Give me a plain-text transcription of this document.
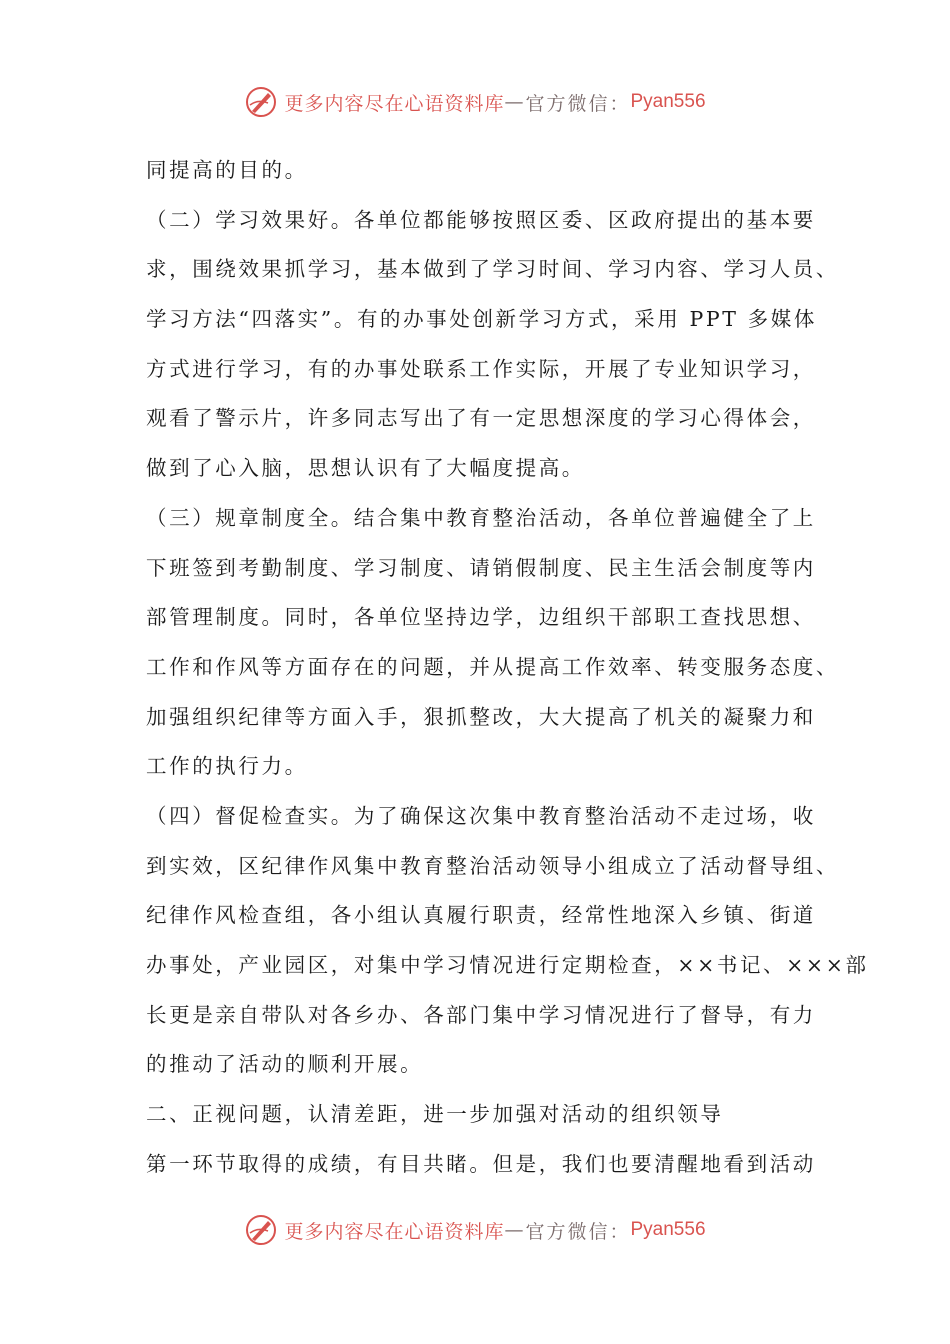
更多内容尽在心语资料库 — 官方微信： Pyan556
同提高的目的。
（二）学习效果好。各单位都能够按照区委、区政府提出的基本要
求，围绕效果抓学习，基本做到了学习时间、学习内容、学习人员、
学习方法“四落实”。有的办事处创新学习方式，采用 PPT 多媒体
方式进行学习，有的办事处联系工作实际，开展了专业知识学习，
观看了警示片，许多同志写出了有一定思想深度的学习心得体会，
做到了心入脑，思想认识有了大幅度提高。
（三）规章制度全。结合集中教育整治活动，各单位普遍健全了上
下班签到考勤制度、学习制度、请销假制度、民主生活会制度等内
部管理制度。同时，各单位坚持边学，边组织干部职工查找思想、
工作和作风等方面存在的问题，并从提高工作效率、转变服务态度、
加强组织纪律等方面入手，狠抓整改，大大提高了机关的凝聚力和
工作的执行力。
（四）督促检查实。为了确保这次集中教育整治活动不走过场，收
到实效，区纪律作风集中教育整治活动领导小组成立了活动督导组、
纪律作风检查组，各小组认真履行职责，经常性地深入乡镇、街道
办事处，产业园区，对集中学习情况进行定期检查，××书记、×××部
长更是亲自带队对各乡办、各部门集中学习情况进行了督导，有力
的推动了活动的顺利开展。
二、正视问题，认清差距，进一步加强对活动的组织领导
第一环节取得的成绩，有目共睹。但是，我们也要清醒地看到活动
更多内容尽在心语资料库 — 官方微信： Pyan556
